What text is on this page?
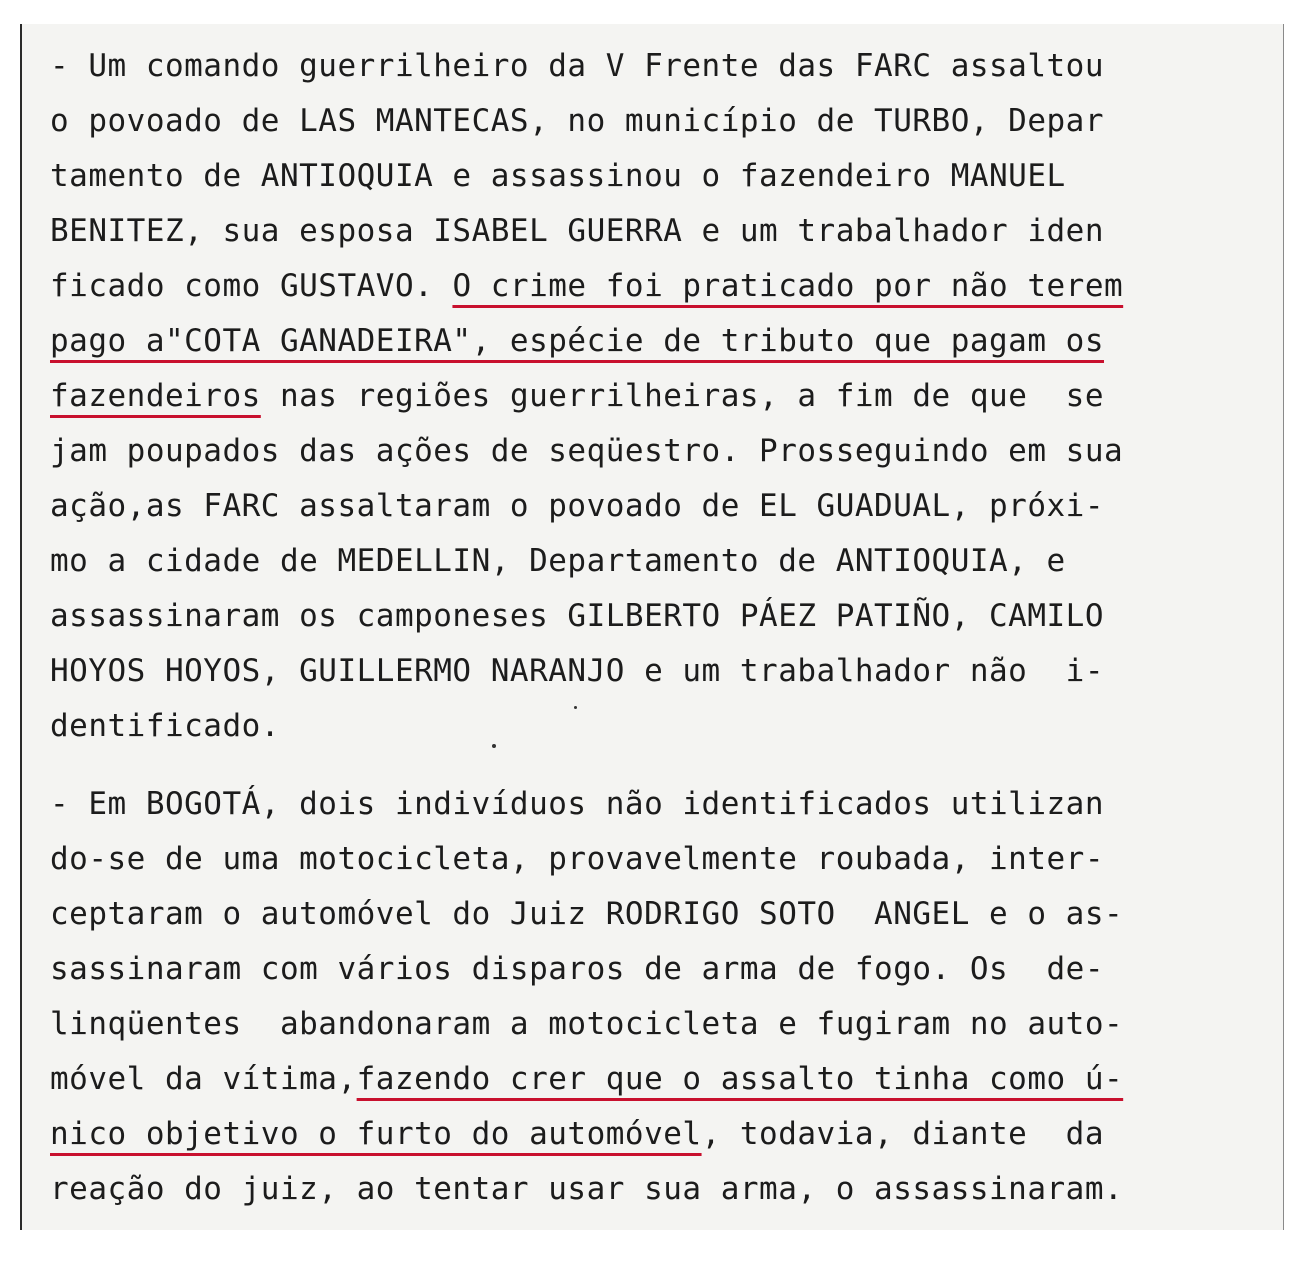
- Um comando guerrilheiro da V Frente das FARC assaltou
o povoado de LAS MANTECAS, no município de TURBO, Depar
tamento de ANTIOQUIA e assassinou o fazendeiro MANUEL
BENITEZ, sua esposa ISABEL GUERRA e um trabalhador iden
ficado como GUSTAVO. O crime foi praticado por não terem
pago a"COTA GANADEIRA", espécie de tributo que pagam os
fazendeiros nas regiões guerrilheiras, a fim de que  se
jam poupados das ações de seqüestro. Prosseguindo em sua
ação,as FARC assaltaram o povoado de EL GUADUAL, próxi-
mo a cidade de MEDELLIN, Departamento de ANTIOQUIA, e
assassinaram os camponeses GILBERTO PÁEZ PATIÑO, CAMILO
HOYOS HOYOS, GUILLERMO NARANJO e um trabalhador não  i-
dentificado.
- Em BOGOTÁ, dois indivíduos não identificados utilizan
do-se de uma motocicleta, provavelmente roubada, inter-
ceptaram o automóvel do Juiz RODRIGO SOTO  ANGEL e o as-
sassinaram com vários disparos de arma de fogo. Os  de-
linqüentes  abandonaram a motocicleta e fugiram no auto-
móvel da vítima,fazendo crer que o assalto tinha como ú-
nico objetivo o furto do automóvel, todavia, diante  da
reação do juiz, ao tentar usar sua arma, o assassinaram.
